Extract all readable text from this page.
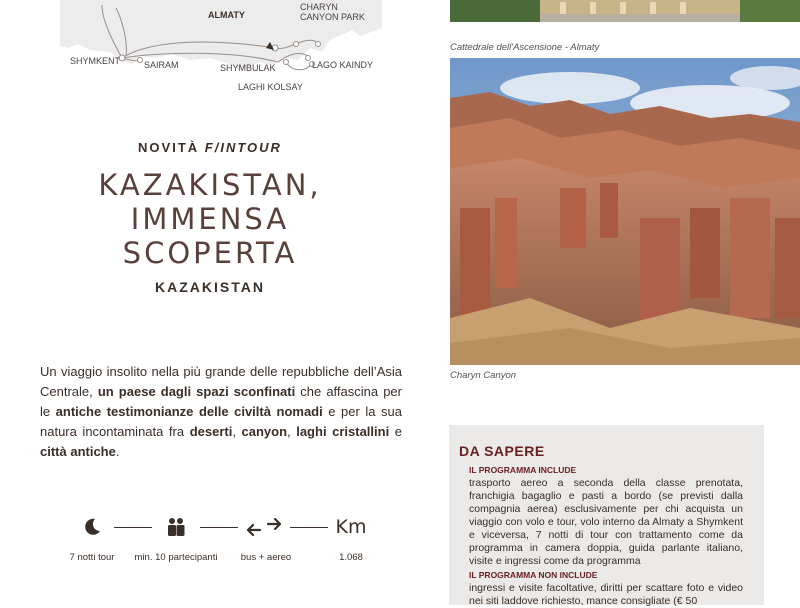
ALMATY
CHARYN
CANYON PARK
SHYMKENT	SAIRAM	SHYMBULAK	LAGO KAINDY
LAGHI KOLSAY
NOVITÀ F/INTOUR
KAZAKISTAN,
IMMENSA
SCOPERTA
KAZAKISTAN
Un viaggio insolito nella più grande delle repubbliche dell’Asia Centrale, un paese dagli spazi sconfinati che affascina per le antiche testimonianze delle civiltà nomadi e per la sua natura incontaminata fra deserti, canyon, laghi cristallini e città antiche.
Km
7 notti tour	min. 10 partecipanti	bus + aereo	1.068
Cattedrale dell'Ascensione - Almaty
Charyn Canyon
DA SAPERE
IL PROGRAMMA INCLUDE
trasporto aereo a seconda della classe prenotata, franchigia bagaglio e pasti a bordo (se previsti dalla compagnia aerea) esclusivamente per chi acquista un viaggio con volo e tour, volo interno da Almaty a Shymkent e viceversa, 7 notti di tour con trattamento come da programma in camera doppia, guida parlante italiano, visite e ingressi come da programma
IL PROGRAMMA NON INCLUDE
ingressi e visite facoltative, diritti per scattare foto e video nei siti laddove richiesto, mance consigliate (€ 50
